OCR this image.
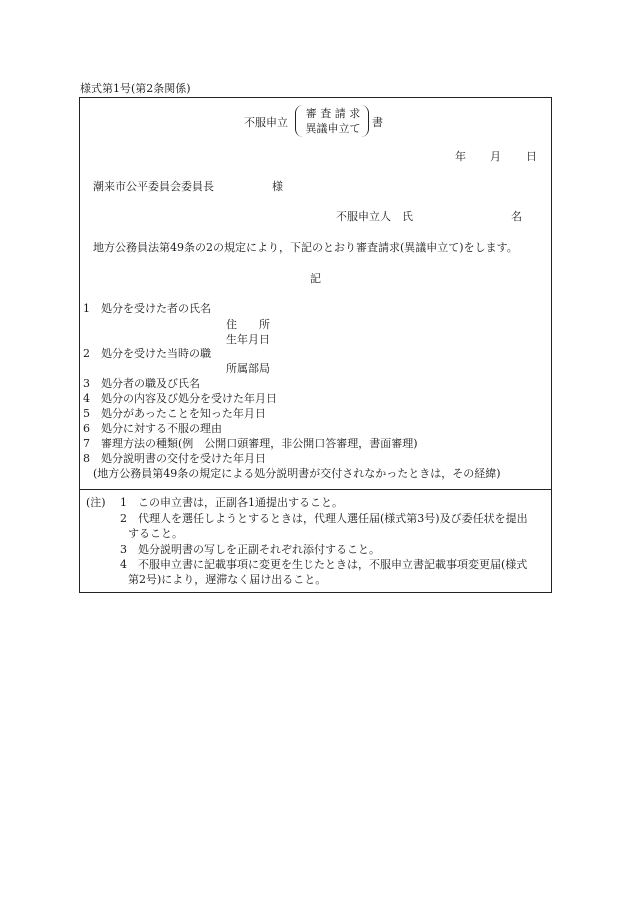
様式第1号(第2条関係)
不服申立
審 査 請 求
異議申立て	書
年 月 日
潮来市公平委員会委員長	様
不服申立人　氏	名
地方公務員法第49条の2の規定により，下記のとおり審査請求(異議申立て)をします。
記
1　処分を受けた者の氏名
住　　所
生年月日
2　処分を受けた当時の職
所属部局
3　処分者の職及び氏名
4　処分の内容及び処分を受けた年月日
5　処分があったことを知った年月日
6　処分に対する不服の理由
7　審理方法の種類(例　公開口頭審理，非公開口答審理，書面審理)
8　処分説明書の交付を受けた年月日
(地方公務員第49条の規定による処分説明書が交付されなかったときは，その経緯)
(注) 1　この申立書は，正副各1通提出すること。
2　代理人を選任しようとするときは，代理人選任届(様式第3号)及び委任状を提出
すること。
3　処分説明書の写しを正副それぞれ添付すること。
4　不服申立書に記載事項に変更を生じたときは，不服申立書記載事項変更届(様式
第2号)により，遅滞なく届け出ること。
